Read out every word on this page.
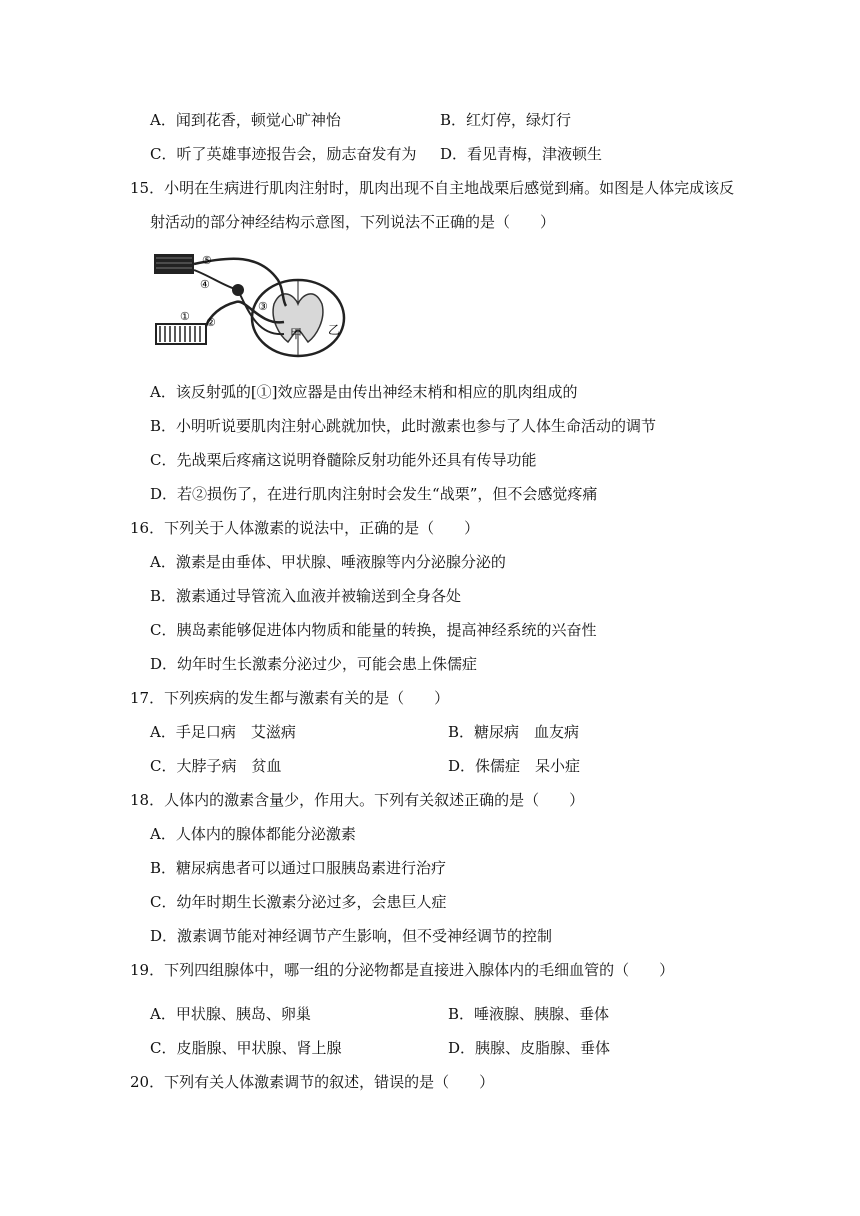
A．闻到花香，顿觉心旷神怡	B．红灯停，绿灯行
C．听了英雄事迹报告会，励志奋发有为 D．看见青梅，津液顿生
15．小明在生病进行肌肉注射时，肌肉出现不自主地战栗后感觉到痛。如图是人体完成该反
射活动的部分神经结构示意图，下列说法不正确的是（　　）
⑤
④
③
②
①
甲 乙
A．该反射弧的[①]效应器是由传出神经末梢和相应的肌肉组成的
B．小明听说要肌肉注射心跳就加快，此时激素也参与了人体生命活动的调节
C．先战栗后疼痛这说明脊髓除反射功能外还具有传导功能
D．若②损伤了，在进行肌肉注射时会发生“战栗”，但不会感觉疼痛
16．下列关于人体激素的说法中，正确的是（　　）
A．激素是由垂体、甲状腺、唾液腺等内分泌腺分泌的
B．激素通过导管流入血液并被输送到全身各处
C．胰岛素能够促进体内物质和能量的转换，提高神经系统的兴奋性
D．幼年时生长激素分泌过少，可能会患上侏儒症
17．下列疾病的发生都与激素有关的是（　　）
A．手足口病　艾滋病	B．糖尿病　血友病
C．大脖子病　贫血	D．侏儒症　呆小症
18．人体内的激素含量少，作用大。下列有关叙述正确的是（　　）
A．人体内的腺体都能分泌激素
B．糖尿病患者可以通过口服胰岛素进行治疗
C．幼年时期生长激素分泌过多，会患巨人症
D．激素调节能对神经调节产生影响，但不受神经调节的控制
19．下列四组腺体中，哪一组的分泌物都是直接进入腺体内的毛细血管的（　　）
A．甲状腺、胰岛、卵巢	B．唾液腺、胰腺、垂体
C．皮脂腺、甲状腺、肾上腺	D．胰腺、皮脂腺、垂体
20．下列有关人体激素调节的叙述，错误的是（　　）
